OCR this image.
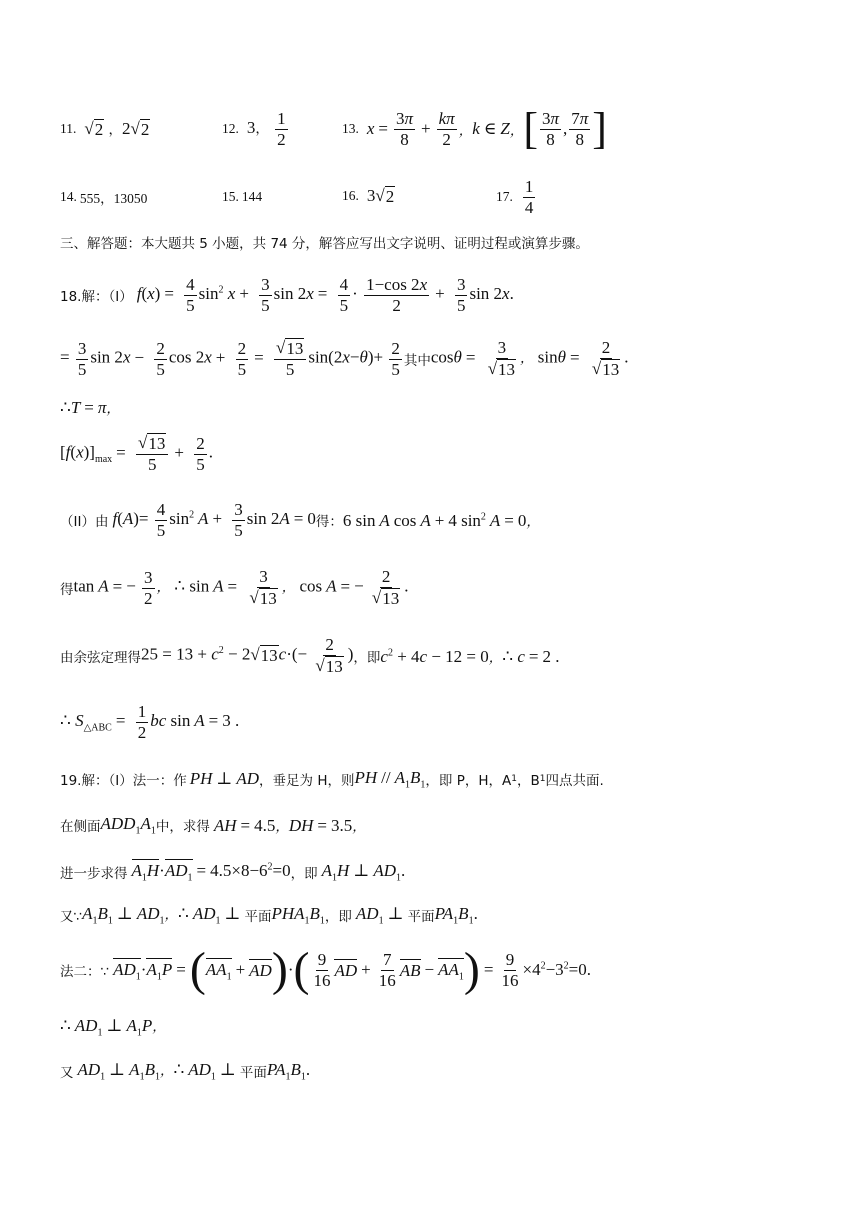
11. √ 2 ，2 √ 2	12. 3， $\frac{1}{2}$	13. $x = \frac{3\pi}{8} + \frac{k\pi}{2}$ ， k ∈ Z ， [ $\frac{3\pi}{8}$ , $\frac{7\pi}{8}$ ]
14. 555，13050	15. 144	16. 3 √ 2	17. $\frac{1}{4}$
三、解答题：本大题共 5 小题，共 74 分，解答应写出文字说明、证明过程或演算步骤。
18.解：（I） $f(x) = \frac{4}{5} \sin^2 x + \frac{3}{5}$ $\sin 2x = \frac{4}{5} \cdot \frac{1-\cos 2x}{2} + \frac{3}{5}$ sin 2x.
= $\frac{3}{5}$ $\sin 2x - \frac{2}{5}$ $\cos 2x + \frac{2}{5} = \frac{√ 13}{5} \sin(2x-\theta)+ \frac{2}{5}$ 其中 $\cos\theta = \frac{3}{√ 13}$ ， $\sin\theta = \frac{2}{√ 13}$ .
∴T = π，
$[f(x)]_{max} = \frac{√ 13}{5} + \frac{2}{5}$ .
（II）由 $f(A)= \frac{4}{5} \sin^2 A + \frac{3}{5}$ sin 2A = 0 得： 6 sin A cos A + 4 $\sin^2 A = 0$，
得 tan A = − $\frac{3}{2}$ ， ∴ $\sin A = \frac{3}{√ 13}$ ， cos A = − $\frac{2}{√ 13}$ .
由余弦定理得 $25 = 13 + c^2 - 2$ √ 13 $c\cdot(- \frac{2}{√ 13}$ ) ，即 $c^2 + 4c - 12 = 0$，∴ c = 2 .
∴ $S_{\triangle ABC} = \frac{1}{2}$ bc sin A = 3 .
19.解：（I）法一：作 PH ⊥ AD ，垂足为 H，则 PH // $A_1B_1$ ，即 P，H，A 1 ，B 1 四点共面.
在侧面 $ADD_1A_1$ 中，求得 AH = 4.5，DH = 3.5，
进一步求得 $A_1H\cdot AD_1 = 4.5\times 8-6^2=0$ ，即 $A_1H$ ⊥ $AD_1$.
又∵ $A_1B_1$ ⊥ $AD_1$，∴ $AD_1$ ⊥ 平面 $PHA_1B_1$ ，即 $AD_1$ ⊥ 平面 $PA_1B_1$.
法二：∵ $AD_1 \cdot A_1P$ = ( $AA_1$ + AD ) · ( $\frac{9}{16}$ AD + $\frac{7}{16}$ AB − $AA_1$ ) = $\frac{9}{16} \times 4^2-3^2=0$.
∴ $AD_1$ ⊥ $A_1P$，
又 $AD_1$ ⊥ $A_1B_1$，∴ $AD_1$ ⊥ 平面 $PA_1B_1$.
